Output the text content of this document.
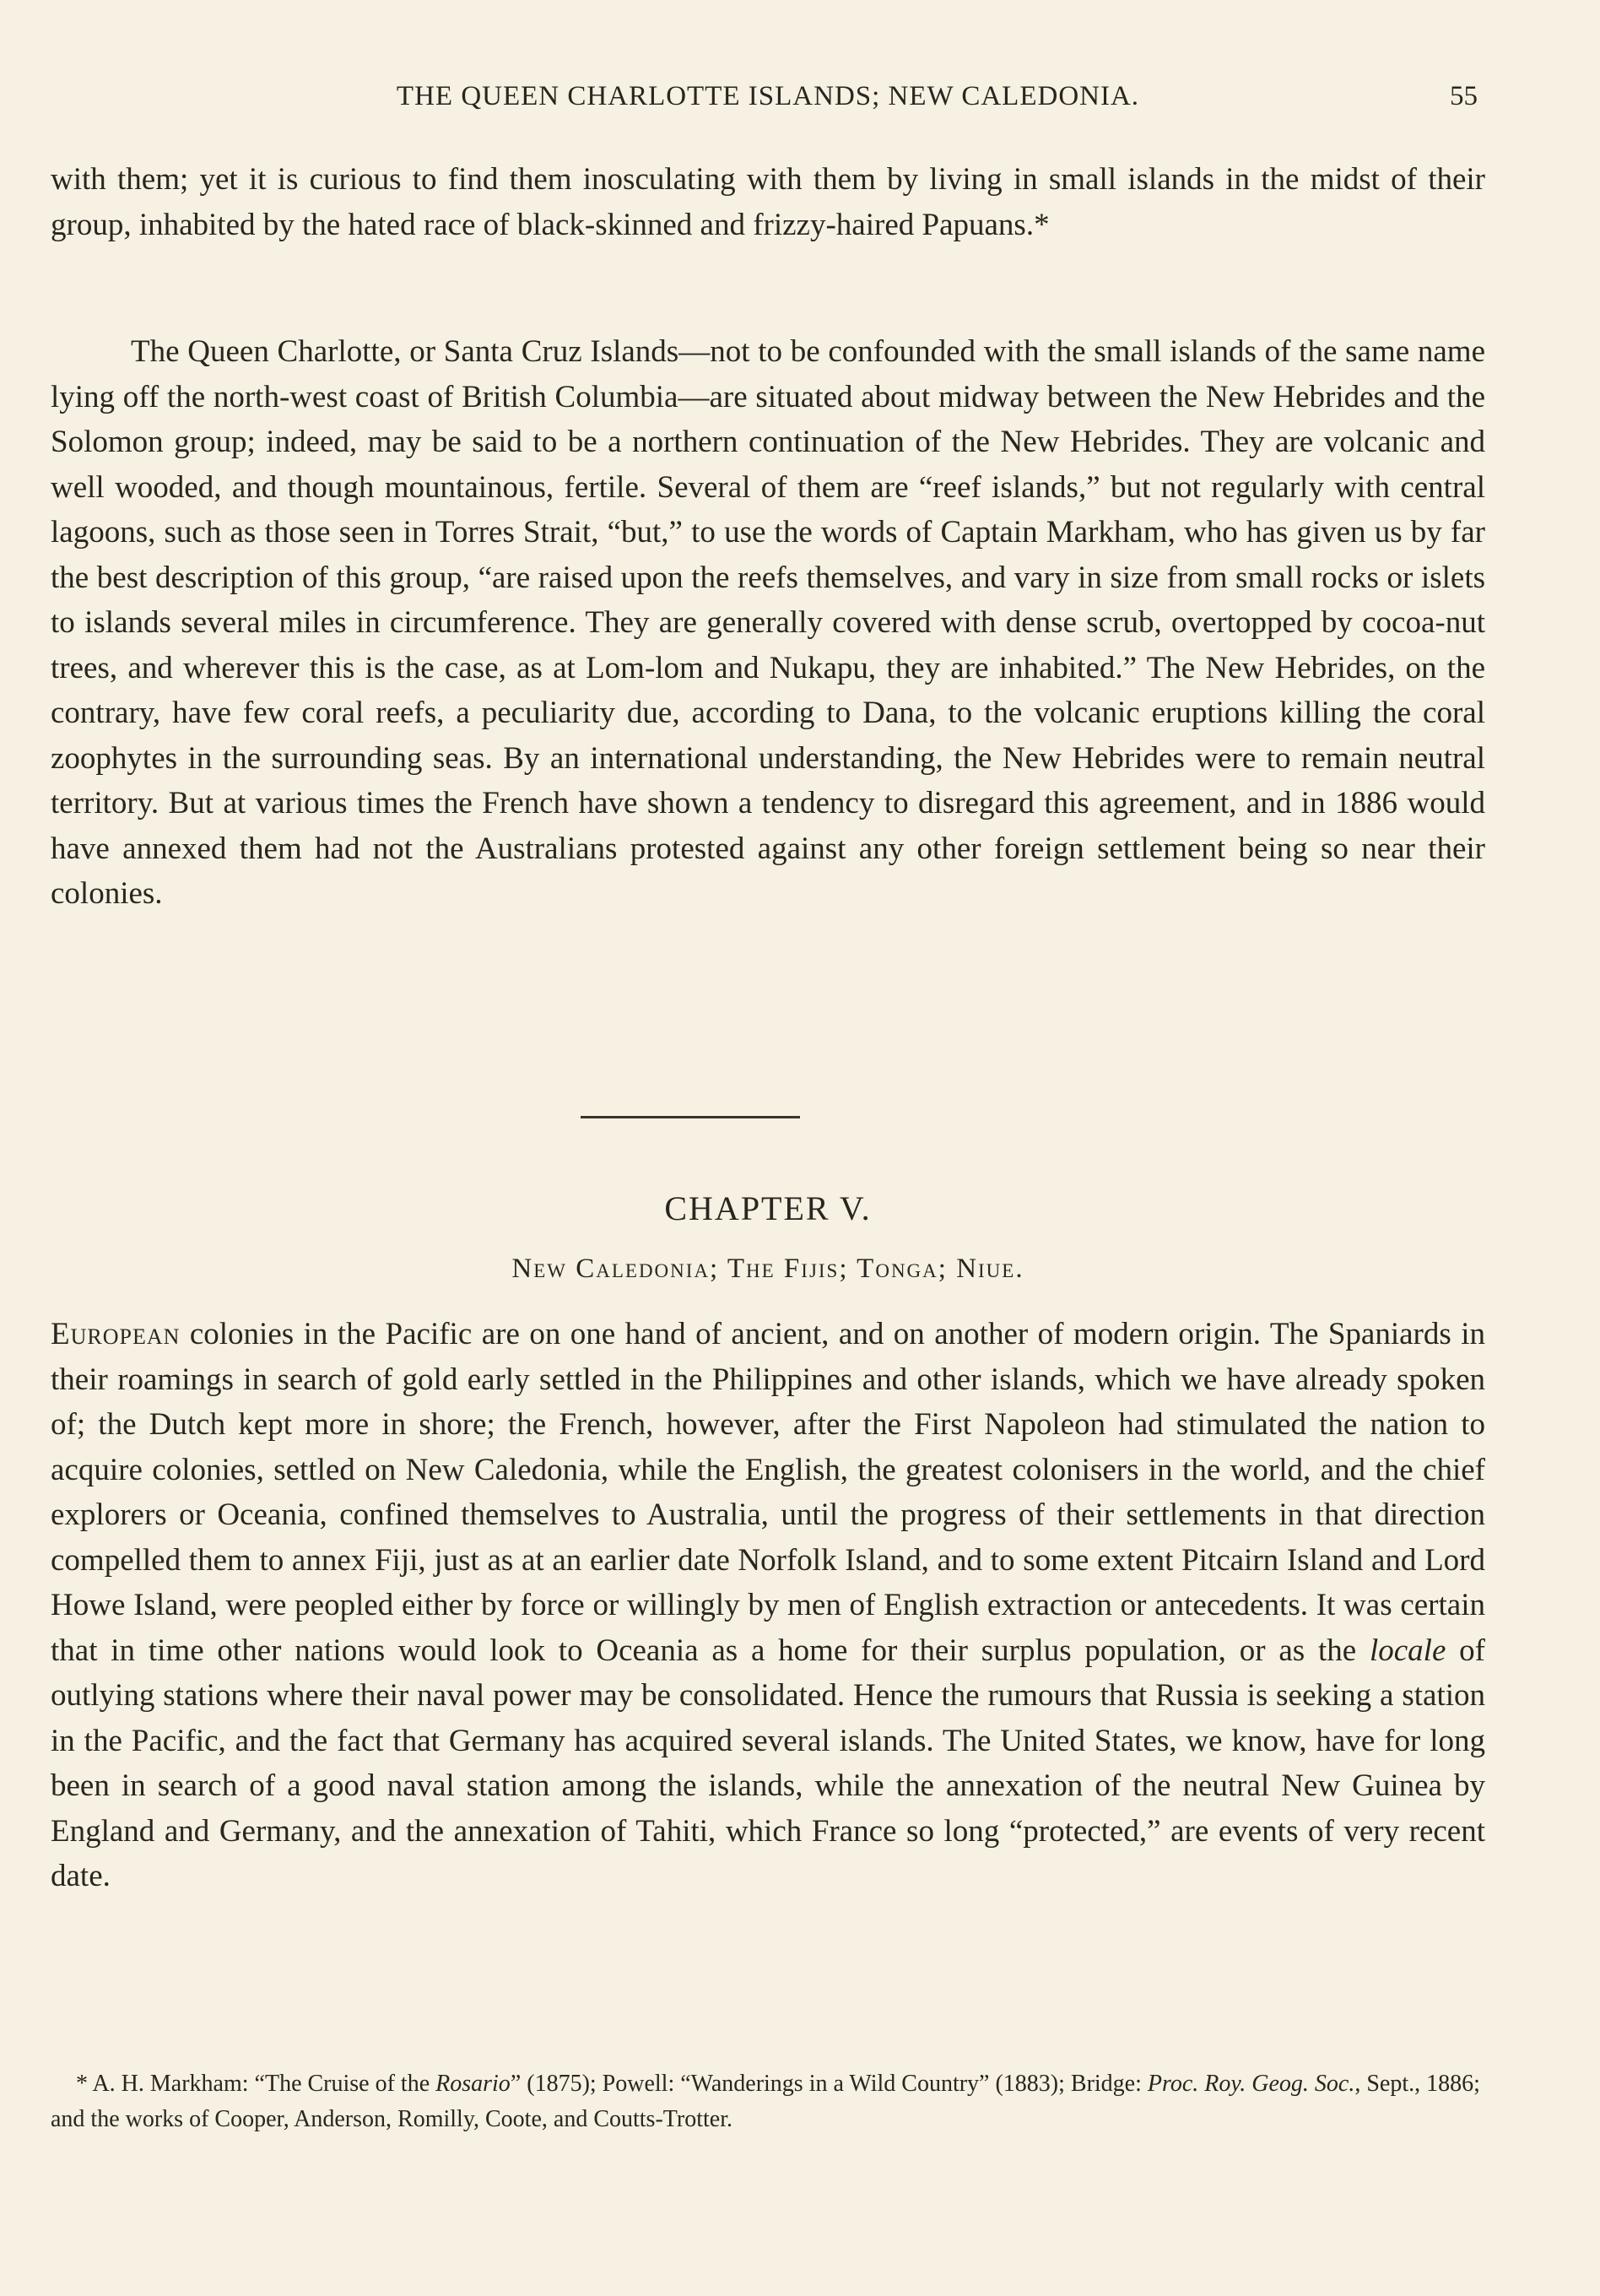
THE QUEEN CHARLOTTE ISLANDS; NEW CALEDONIA.	55

with them; yet it is curious to find them inosculating with them by living in small islands in the midst of their group, inhabited by the hated race of black-skinned and frizzy-haired Papuans.*

The Queen Charlotte, or Santa Cruz Islands—not to be confounded with the small islands of the same name lying off the north-west coast of British Columbia—are situated about midway between the New Hebrides and the Solomon group; indeed, may be said to be a northern continuation of the New Hebrides. They are volcanic and well wooded, and though mountainous, fertile. Several of them are “reef islands,” but not regularly with central lagoons, such as those seen in Torres Strait, “but,” to use the words of Captain Markham, who has given us by far the best description of this group, “are raised upon the reefs themselves, and vary in size from small rocks or islets to islands several miles in circumference. They are generally covered with dense scrub, overtopped by cocoa-nut trees, and wherever this is the case, as at Lom-lom and Nukapu, they are inhabited.” The New Hebrides, on the contrary, have few coral reefs, a peculiarity due, according to Dana, to the volcanic eruptions killing the coral zoophytes in the surrounding seas. By an international understanding, the New Hebrides were to remain neutral territory. But at various times the French have shown a tendency to disregard this agreement, and in 1886 would have annexed them had not the Australians protested against any other foreign settlement being so near their colonies.

CHAPTER V.
New Caledonia; The Fijis; Tonga; Niue.

European colonies in the Pacific are on one hand of ancient, and on another of modern origin. The Spaniards in their roamings in search of gold early settled in the Philippines and other islands, which we have already spoken of; the Dutch kept more in shore; the French, however, after the First Napoleon had stimulated the nation to acquire colonies, settled on New Caledonia, while the English, the greatest colonisers in the world, and the chief explorers or Oceania, confined themselves to Australia, until the progress of their settlements in that direction compelled them to annex Fiji, just as at an earlier date Norfolk Island, and to some extent Pitcairn Island and Lord Howe Island, were peopled either by force or willingly by men of English extraction or antecedents. It was certain that in time other nations would look to Oceania as a home for their surplus population, or as the locale of outlying stations where their naval power may be consolidated. Hence the rumours that Russia is seeking a station in the Pacific, and the fact that Germany has acquired several islands. The United States, we know, have for long been in search of a good naval station among the islands, while the annexation of the neutral New Guinea by England and Germany, and the annexation of Tahiti, which France so long “protected,” are events of very recent date.

* A. H. Markham: “The Cruise of the Rosario” (1875); Powell: “Wanderings in a Wild Country” (1883); Bridge: Proc. Roy. Geog. Soc., Sept., 1886; and the works of Cooper, Anderson, Romilly, Coote, and Coutts-Trotter.
